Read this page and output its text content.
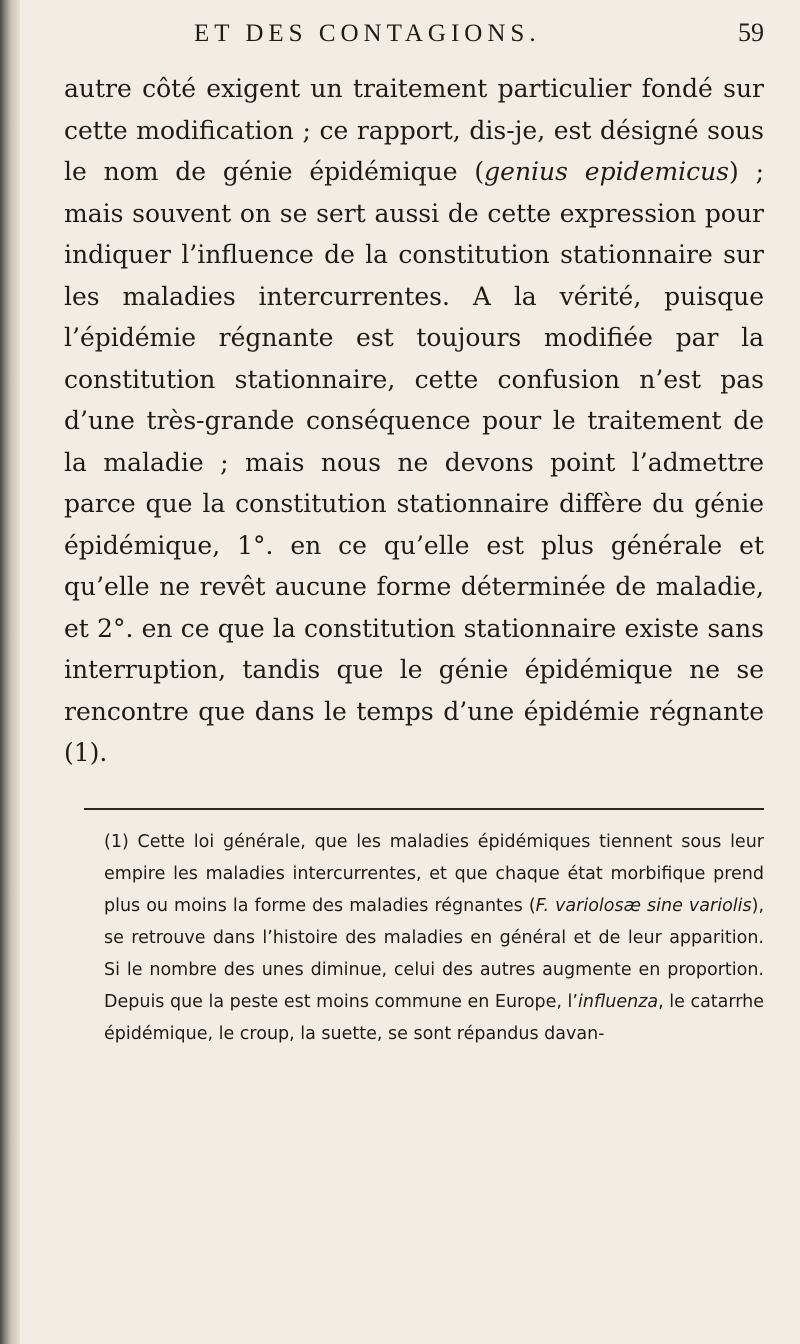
ET DES CONTAGIONS.	59

autre côté exigent un traitement particulier fondé sur cette modification ; ce rapport, dis-je, est désigné sous le nom de génie épidémique (genius epidemicus) ; mais souvent on se sert aussi de cette expression pour indiquer l’influence de la constitution stationnaire sur les maladies intercurrentes. A la vérité, puisque l’épidémie régnante est toujours modifiée par la constitution stationnaire, cette confusion n’est pas d’une très-grande conséquence pour le traitement de la maladie ; mais nous ne devons point l’admettre parce que la constitution stationnaire diffère du génie épidémique, 1°. en ce qu’elle est plus générale et qu’elle ne revêt aucune forme déterminée de maladie, et 2°. en ce que la constitution stationnaire existe sans interruption, tandis que le génie épidémique ne se rencontre que dans le temps d’une épidémie régnante (1).

(1) Cette loi générale, que les maladies épidémiques tiennent sous leur empire les maladies intercurrentes, et que chaque état morbifique prend plus ou moins la forme des maladies régnantes (F. variolosæ sine variolis), se retrouve dans l’histoire des maladies en général et de leur apparition. Si le nombre des unes diminue, celui des autres augmente en proportion. Depuis que la peste est moins commune en Europe, l’influenza, le catarrhe épidémique, le croup, la suette, se sont répandus davan-
